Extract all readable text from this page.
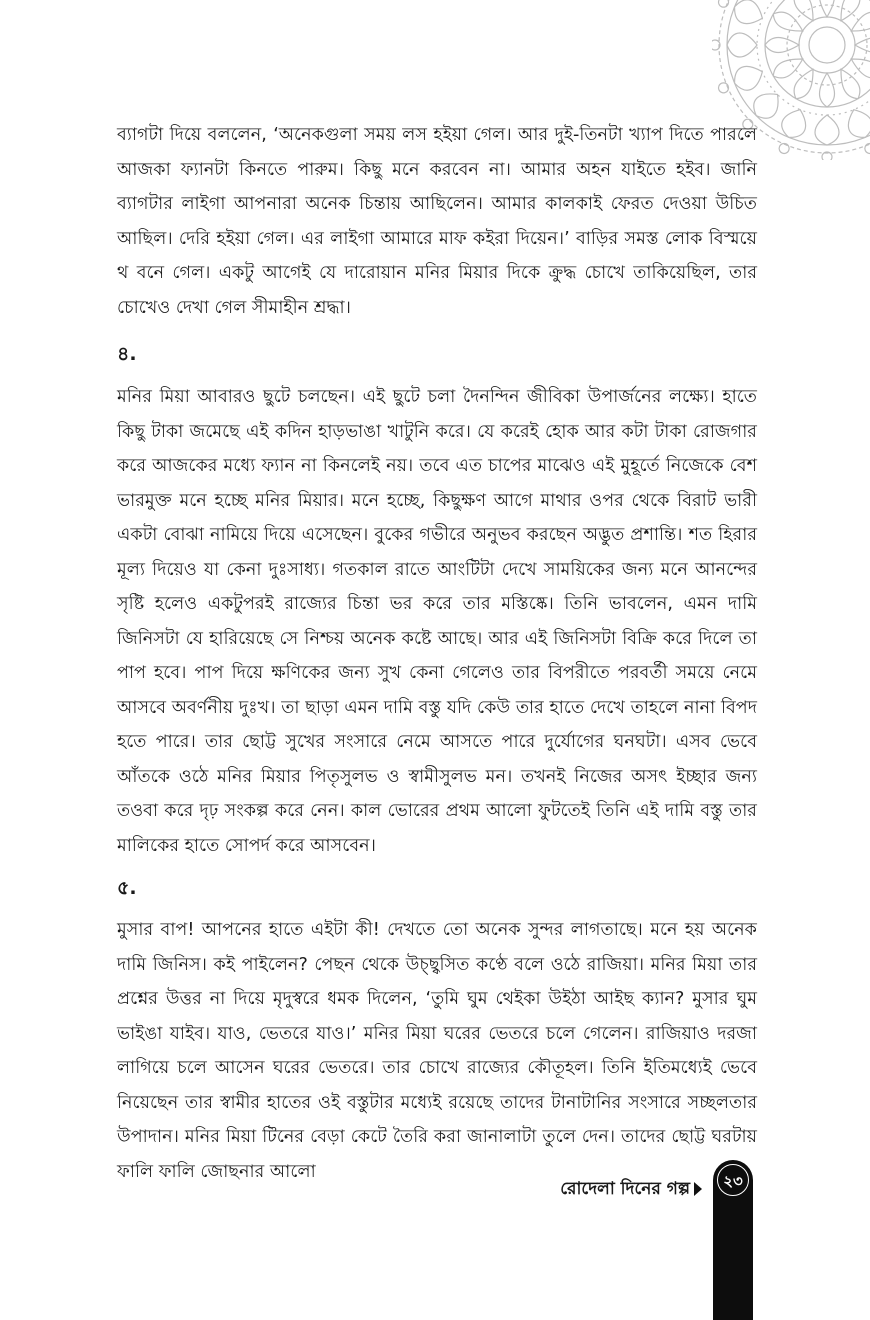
ব্যাগটা দিয়ে বললেন, ‘অনেকগুলা সময় লস হইয়া গেল। আর দুই-তিনটা খ্যাপ দিতে পারলে আজকা ফ্যানটা কিনতে পারুম। কিছু মনে করবেন না। আমার অহন যাইতে হইব। জানি ব্যাগটার লাইগা আপনারা অনেক চিন্তায় আছিলেন। আমার কালকাই ফেরত দেওয়া উচিত আছিল। দেরি হইয়া গেল। এর লাইগা আমারে মাফ কইরা দিয়েন।’ বাড়ির সমস্ত লোক বিস্ময়ে থ বনে গেল। একটু আগেই যে দারোয়ান মনির মিয়ার দিকে ক্রুদ্ধ চোখে তাকিয়েছিল, তার চোখেও দেখা গেল সীমাহীন শ্রদ্ধা।

৪.

মনির মিয়া আবারও ছুটে চলছেন। এই ছুটে চলা দৈনন্দিন জীবিকা উপার্জনের লক্ষ্যে। হাতে কিছু টাকা জমেছে এই কদিন হাড়ভাঙা খাটুনি করে। যে করেই হোক আর কটা টাকা রোজগার করে আজকের মধ্যে ফ্যান না কিনলেই নয়। তবে এত চাপের মাঝেও এই মুহূর্তে নিজেকে বেশ ভারমুক্ত মনে হচ্ছে মনির মিয়ার। মনে হচ্ছে, কিছুক্ষণ আগে মাথার ওপর থেকে বিরাট ভারী একটা বোঝা নামিয়ে দিয়ে এসেছেন। বুকের গভীরে অনুভব করছেন অদ্ভুত প্রশান্তি। শত হিরার মূল্য দিয়েও যা কেনা দুঃসাধ্য। গতকাল রাতে আংটিটা দেখে সাময়িকের জন্য মনে আনন্দের সৃষ্টি হলেও একটুপরই রাজ্যের চিন্তা ভর করে তার মস্তিষ্কে। তিনি ভাবলেন, এমন দামি জিনিসটা যে হারিয়েছে সে নিশ্চয় অনেক কষ্টে আছে। আর এই জিনিসটা বিক্রি করে দিলে তা পাপ হবে। পাপ দিয়ে ক্ষণিকের জন্য সুখ কেনা গেলেও তার বিপরীতে পরবর্তী সময়ে নেমে আসবে অবর্ণনীয় দুঃখ। তা ছাড়া এমন দামি বস্তু যদি কেউ তার হাতে দেখে তাহলে নানা বিপদ হতে পারে। তার ছোট্ট সুখের সংসারে নেমে আসতে পারে দুর্যোগের ঘনঘটা। এসব ভেবে আঁতকে ওঠে মনির মিয়ার পিতৃসুলভ ও স্বামীসুলভ মন। তখনই নিজের অসৎ ইচ্ছার জন্য তওবা করে দৃঢ় সংকল্প করে নেন। কাল ভোরের প্রথম আলো ফুটতেই তিনি এই দামি বস্তু তার মালিকের হাতে সোপর্দ করে আসবেন।

৫.

মুসার বাপ! আপনের হাতে এইটা কী! দেখতে তো অনেক সুন্দর লাগতাছে। মনে হয় অনেক দামি জিনিস। কই পাইলেন? পেছন থেকে উচ্ছ্বসিত কণ্ঠে বলে ওঠে রাজিয়া। মনির মিয়া তার প্রশ্নের উত্তর না দিয়ে মৃদুস্বরে ধমক দিলেন, ‘তুমি ঘুম থেইকা উইঠা আইছ ক্যান? মুসার ঘুম ভাইঙা যাইব। যাও, ভেতরে যাও।’ মনির মিয়া ঘরের ভেতরে চলে গেলেন। রাজিয়াও দরজা লাগিয়ে চলে আসেন ঘরের ভেতরে। তার চোখে রাজ্যের কৌতূহল। তিনি ইতিমধ্যেই ভেবে নিয়েছেন তার স্বামীর হাতের ওই বস্তুটার মধ্যেই রয়েছে তাদের টানাটানির সংসারে সচ্ছলতার উপাদান। মনির মিয়া টিনের বেড়া কেটে তৈরি করা জানালাটা তুলে দেন। তাদের ছোট্ট ঘরটায় ফালি ফালি জোছনার আলো

রোদেলা দিনের গল্প	২৩
